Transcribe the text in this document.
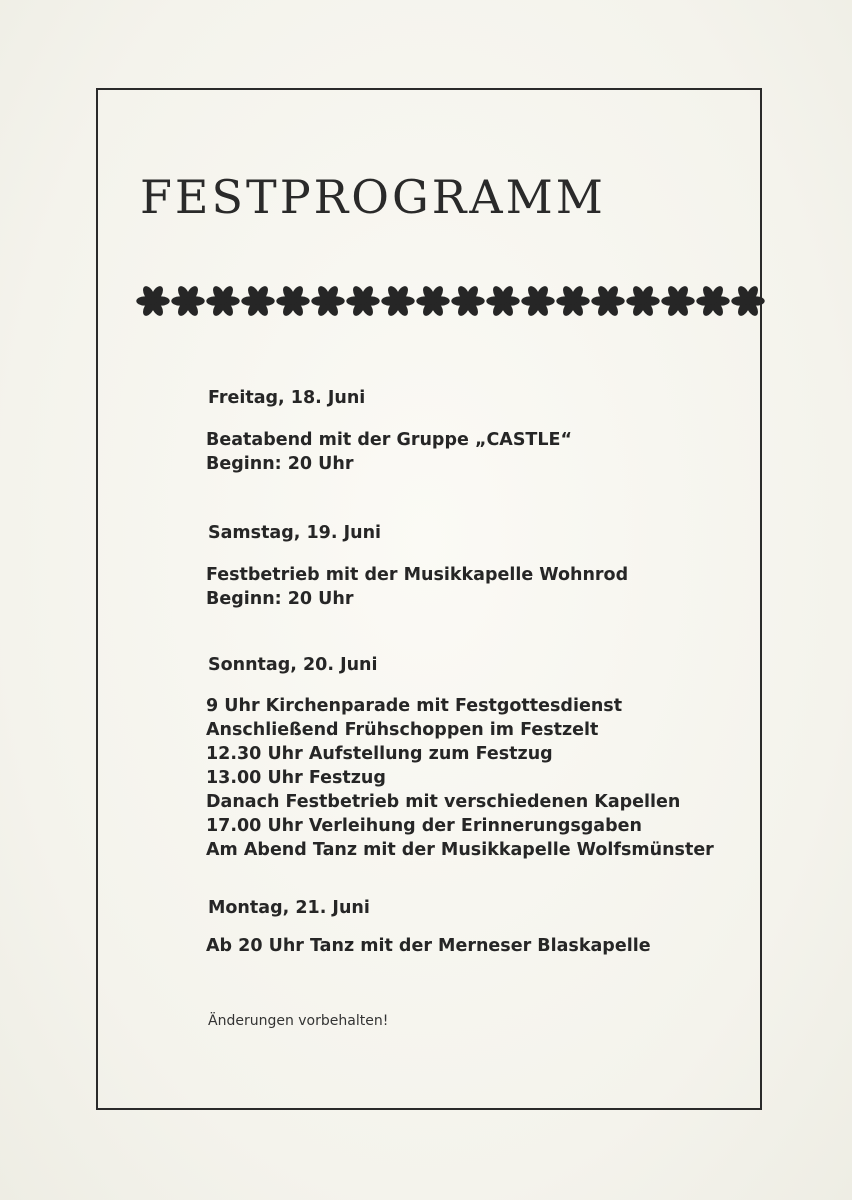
FESTPROGRAMM

Freitag, 18. Juni

Beatabend mit der Gruppe „CASTLE“
Beginn: 20 Uhr

Samstag, 19. Juni

Festbetrieb mit der Musikkapelle Wohnrod
Beginn: 20 Uhr

Sonntag, 20. Juni

9 Uhr Kirchenparade mit Festgottesdienst
Anschließend Frühschoppen im Festzelt
12.30 Uhr Aufstellung zum Festzug
13.00 Uhr Festzug
Danach Festbetrieb mit verschiedenen Kapellen
17.00 Uhr Verleihung der Erinnerungsgaben
Am Abend Tanz mit der Musikkapelle Wolfsmünster

Montag, 21. Juni

Ab 20 Uhr Tanz mit der Merneser Blaskapelle

Änderungen vorbehalten!
